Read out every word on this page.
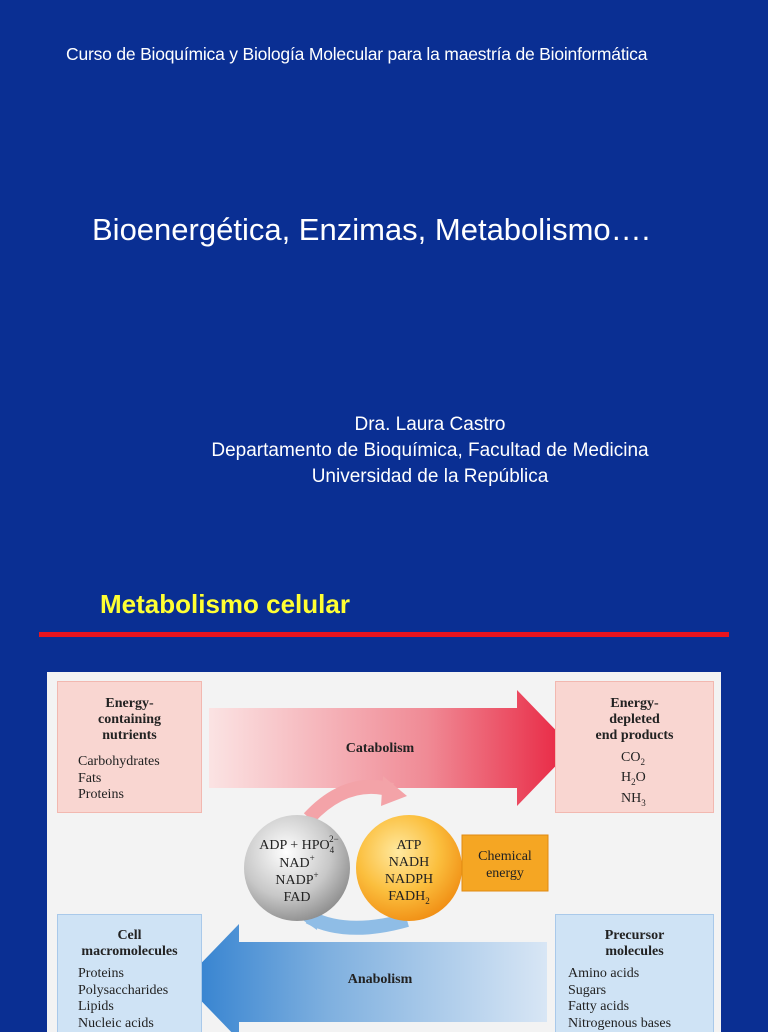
Curso de Bioquímica y Biología Molecular para la maestría de Bioinformática
Bioenergética, Enzimas, Metabolismo….
Dra. Laura Castro
Departamento de Bioquímica, Facultad de Medicina
Universidad de la República
Metabolismo celular
Catabolism
Anabolism
ADP + $HPO_42-$
NAD+
NADP+
FAD
ATP
NADH
NADPH
$FADH_2$
Chemical
energy
Energy-
containing
nutrients
Carbohydrates
Fats
Proteins
Energy-
depleted
end products
$CO_2$
$H_2O$
$NH_3$
Cell
macromolecules
Proteins
Polysaccharides
Lipids
Nucleic acids
Precursor
molecules
Amino acids
Sugars
Fatty acids
Nitrogenous bases
